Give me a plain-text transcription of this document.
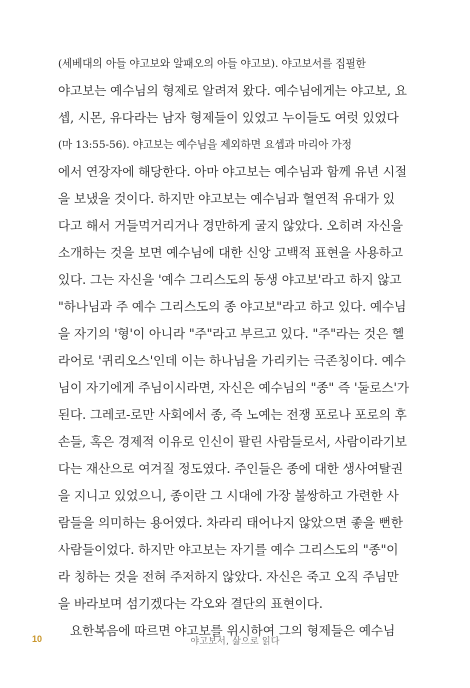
(세베대의 아들 야고보와 알패오의 아들 야고보). 야고보서를 집필한
야고보는 예수님의 형제로 알려져 왔다. 예수님에게는 야고보, 요
셉, 시몬, 유다라는 남자 형제들이 있었고 누이들도 여럿 있었다
(마 13:55-56). 야고보는 예수님을 제외하면 요셉과 마리아 가정
에서 연장자에 해당한다. 아마 야고보는 예수님과 함께 유년 시절
을 보냈을 것이다. 하지만 야고보는 예수님과 혈연적 유대가 있
다고 해서 거들먹거리거나 경만하게 굴지 않았다. 오히려 자신을
소개하는 것을 보면 예수님에 대한 신앙 고백적 표현을 사용하고
있다. 그는 자신을 '예수 그리스도의 동생 야고보'라고 하지 않고
"하나님과 주 예수 그리스도의 종 야고보"라고 하고 있다. 예수님
을 자기의 '형'이 아니라 "주"라고 부르고 있다. "주"라는 것은 헬
라어로 '퀴리오스'인데 이는 하나님을 가리키는 극존칭이다. 예수
님이 자기에게 주님이시라면, 자신은 예수님의 "종" 즉 '둘로스'가
된다. 그레코-로만 사회에서 종, 즉 노예는 전쟁 포로나 포로의 후
손들, 혹은 경제적 이유로 인신이 팔린 사람들로서, 사람이라기보
다는 재산으로 여겨질 정도였다. 주인들은 종에 대한 생사여탈권
을 지니고 있었으니, 종이란 그 시대에 가장 불쌍하고 가련한 사
람들을 의미하는 용어였다. 차라리 태어나지 않았으면 좋을 뻔한
사람들이었다. 하지만 야고보는 자기를 예수 그리스도의 "종"이
라 칭하는 것을 전혀 주저하지 않았다. 자신은 죽고 오직 주님만
을 바라보며 섬기겠다는 각오와 결단의 표현이다.
요한복음에 따르면 야고보를 위시하여 그의 형제들은 예수님
10	야고보서, 삶으로 읽다
